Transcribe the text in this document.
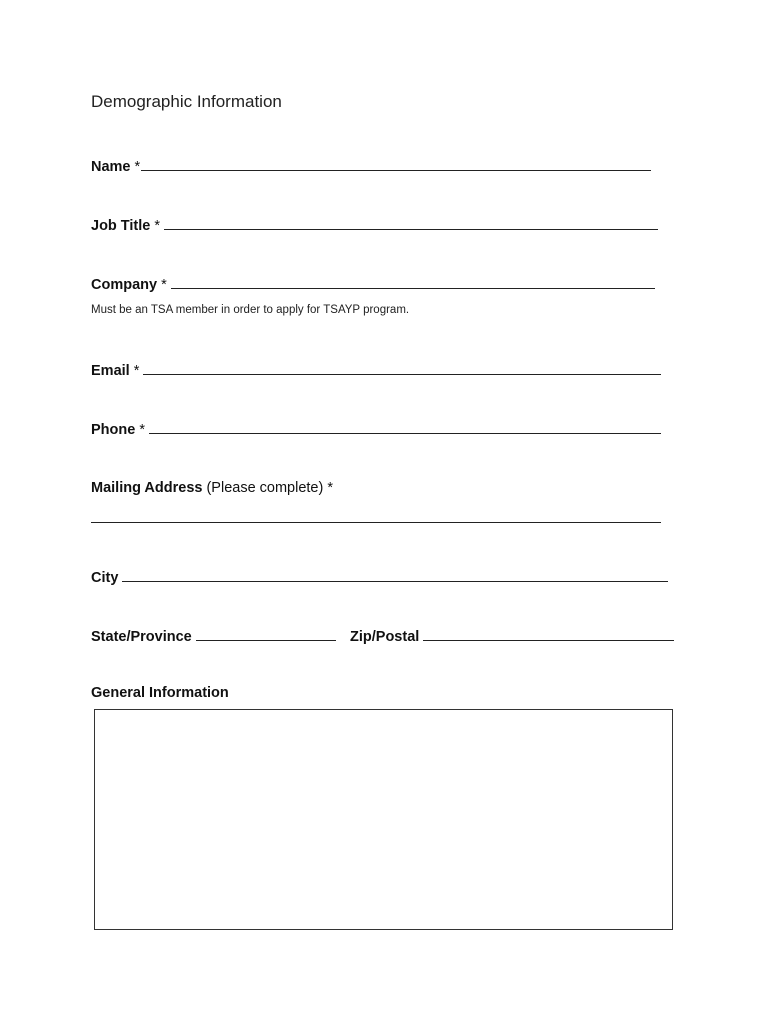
Demographic Information
Name *
Job Title *
Company *
Must be an TSA member in order to apply for TSAYP program.
Email *
Phone *
Mailing Address (Please complete) *
City
State/Province	Zip/Postal
General Information
